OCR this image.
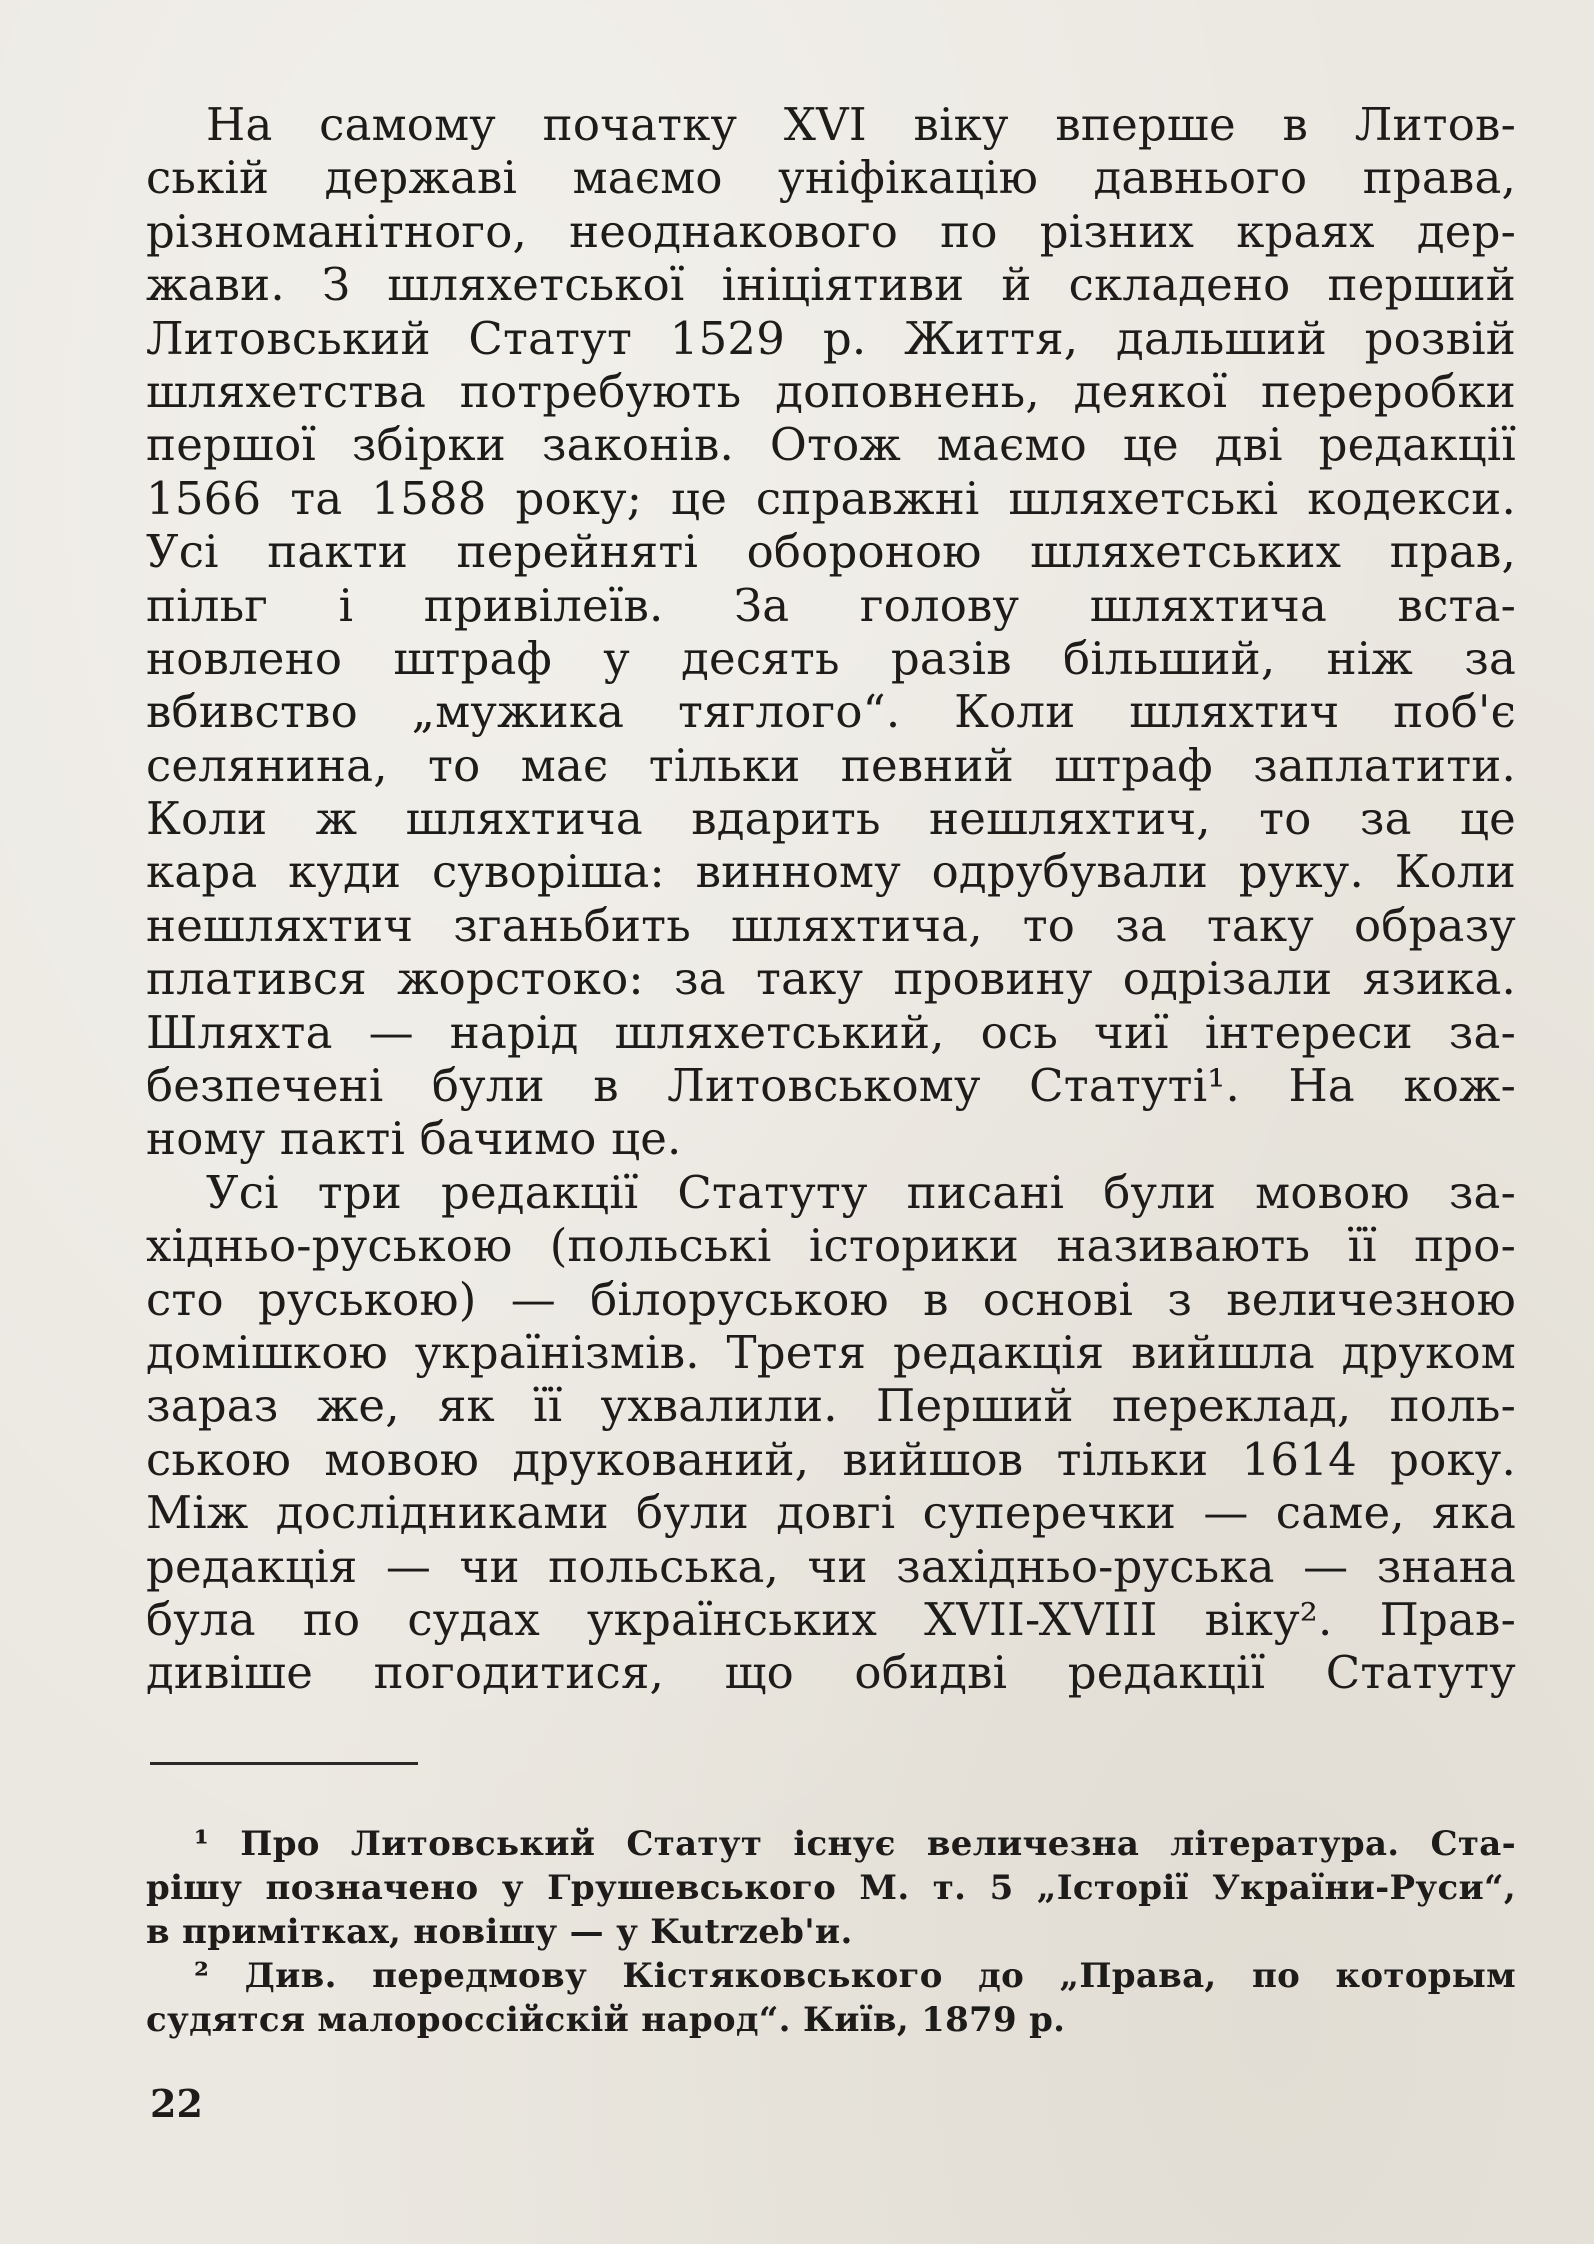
На самому початку XVI віку вперше в Литов-
ській державі маємо уніфікацію давнього права,
різноманітного, неоднакового по різних краях дер-
жави. З шляхетської ініціятиви й складено перший
Литовський Статут 1529 р. Життя, дальший розвій
шляхетства потребують доповнень, деякої переробки
першої збірки законів. Отож маємо це дві редакції
1566 та 1588 року; це справжні шляхетські кодекси.
Усі пакти перейняті обороною шляхетських прав,
пільг і привілеїв. За голову шляхтича вста-
новлено штраф у десять разів більший, ніж за
вбивство „мужика тяглого“. Коли шляхтич поб'є
селянина, то має тільки певний штраф заплатити.
Коли ж шляхтича вдарить нешляхтич, то за це
кара куди суворіша: винному одрубували руку. Коли
нешляхтич зганьбить шляхтича, то за таку образу
платився жорстоко: за таку провину одрізали язика.
Шляхта — нарід шляхетський, ось чиї інтереси за-
безпечені були в Литовському Статуті¹. На кож-
ному пакті бачимо це.
Усі три редакції Статуту писані були мовою за-
хідньо-руською (польські історики називають її про-
сто руською) — білоруською в основі з величезною
домішкою українізмів. Третя редакція вийшла друком
зараз же, як її ухвалили. Перший переклад, поль-
ською мовою друкований, вийшов тільки 1614 року.
Між дослідниками були довгі суперечки — саме, яка
редакція — чи польська, чи західньо-руська — знана
була по судах українських XVII-XVIII віку². Прав-
дивіше погодитися, що обидві редакції Статуту
¹ Про Литовський Статут існує величезна література. Ста-
рішу позначено у Грушевського М. т. 5 „Історії України-Руси“,
в примітках, новішу — у Kutrzeb'и.
² Див. передмову Кістяковського до „Права, по которым
судятся малороссійскій народ“. Київ, 1879 р.
22
